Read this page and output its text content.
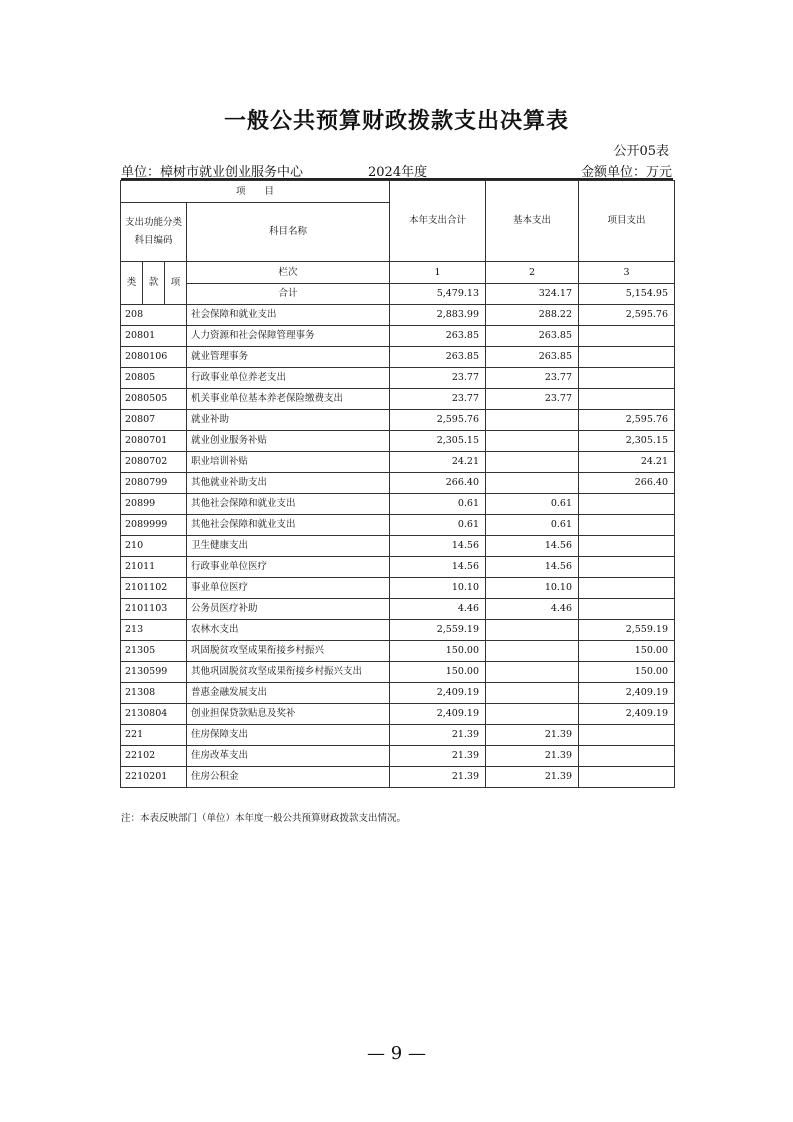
一般公共预算财政拨款支出决算表
公开05表
单位：樟树市就业创业服务中心	2024年度	金额单位：万元
项　　目				本年支出合计	基本支出	项目支出

支出功能分类
科目编码			科目名称			
类	款	项	栏次	1	2	3
			合计	5,479.13	324.17	5,154.95
208			社会保障和就业支出	2,883.99	288.22	2,595.76
20801			人力资源和社会保障管理事务	263.85	263.85	
2080106			就业管理事务	263.85	263.85	
20805			行政事业单位养老支出	23.77	23.77	
2080505			机关事业单位基本养老保险缴费支出	23.77	23.77	
20807			就业补助	2,595.76		2,595.76
2080701			就业创业服务补贴	2,305.15		2,305.15
2080702			职业培训补贴	24.21		24.21
2080799			其他就业补助支出	266.40		266.40
20899			其他社会保障和就业支出	0.61	0.61	
2089999			其他社会保障和就业支出	0.61	0.61	
210			卫生健康支出	14.56	14.56	
21011			行政事业单位医疗	14.56	14.56	
2101102			事业单位医疗	10.10	10.10	
2101103			公务员医疗补助	4.46	4.46	
213			农林水支出	2,559.19		2,559.19
21305			巩固脱贫攻坚成果衔接乡村振兴	150.00		150.00
2130599			其他巩固脱贫攻坚成果衔接乡村振兴支出	150.00		150.00
21308			普惠金融发展支出	2,409.19		2,409.19
2130804			创业担保贷款贴息及奖补	2,409.19		2,409.19
221			住房保障支出	21.39	21.39	
22102			住房改革支出	21.39	21.39	
2210201			住房公积金	21.39	21.39	
注：本表反映部门（单位）本年度一般公共预算财政拨款支出情况。
— 9 —
